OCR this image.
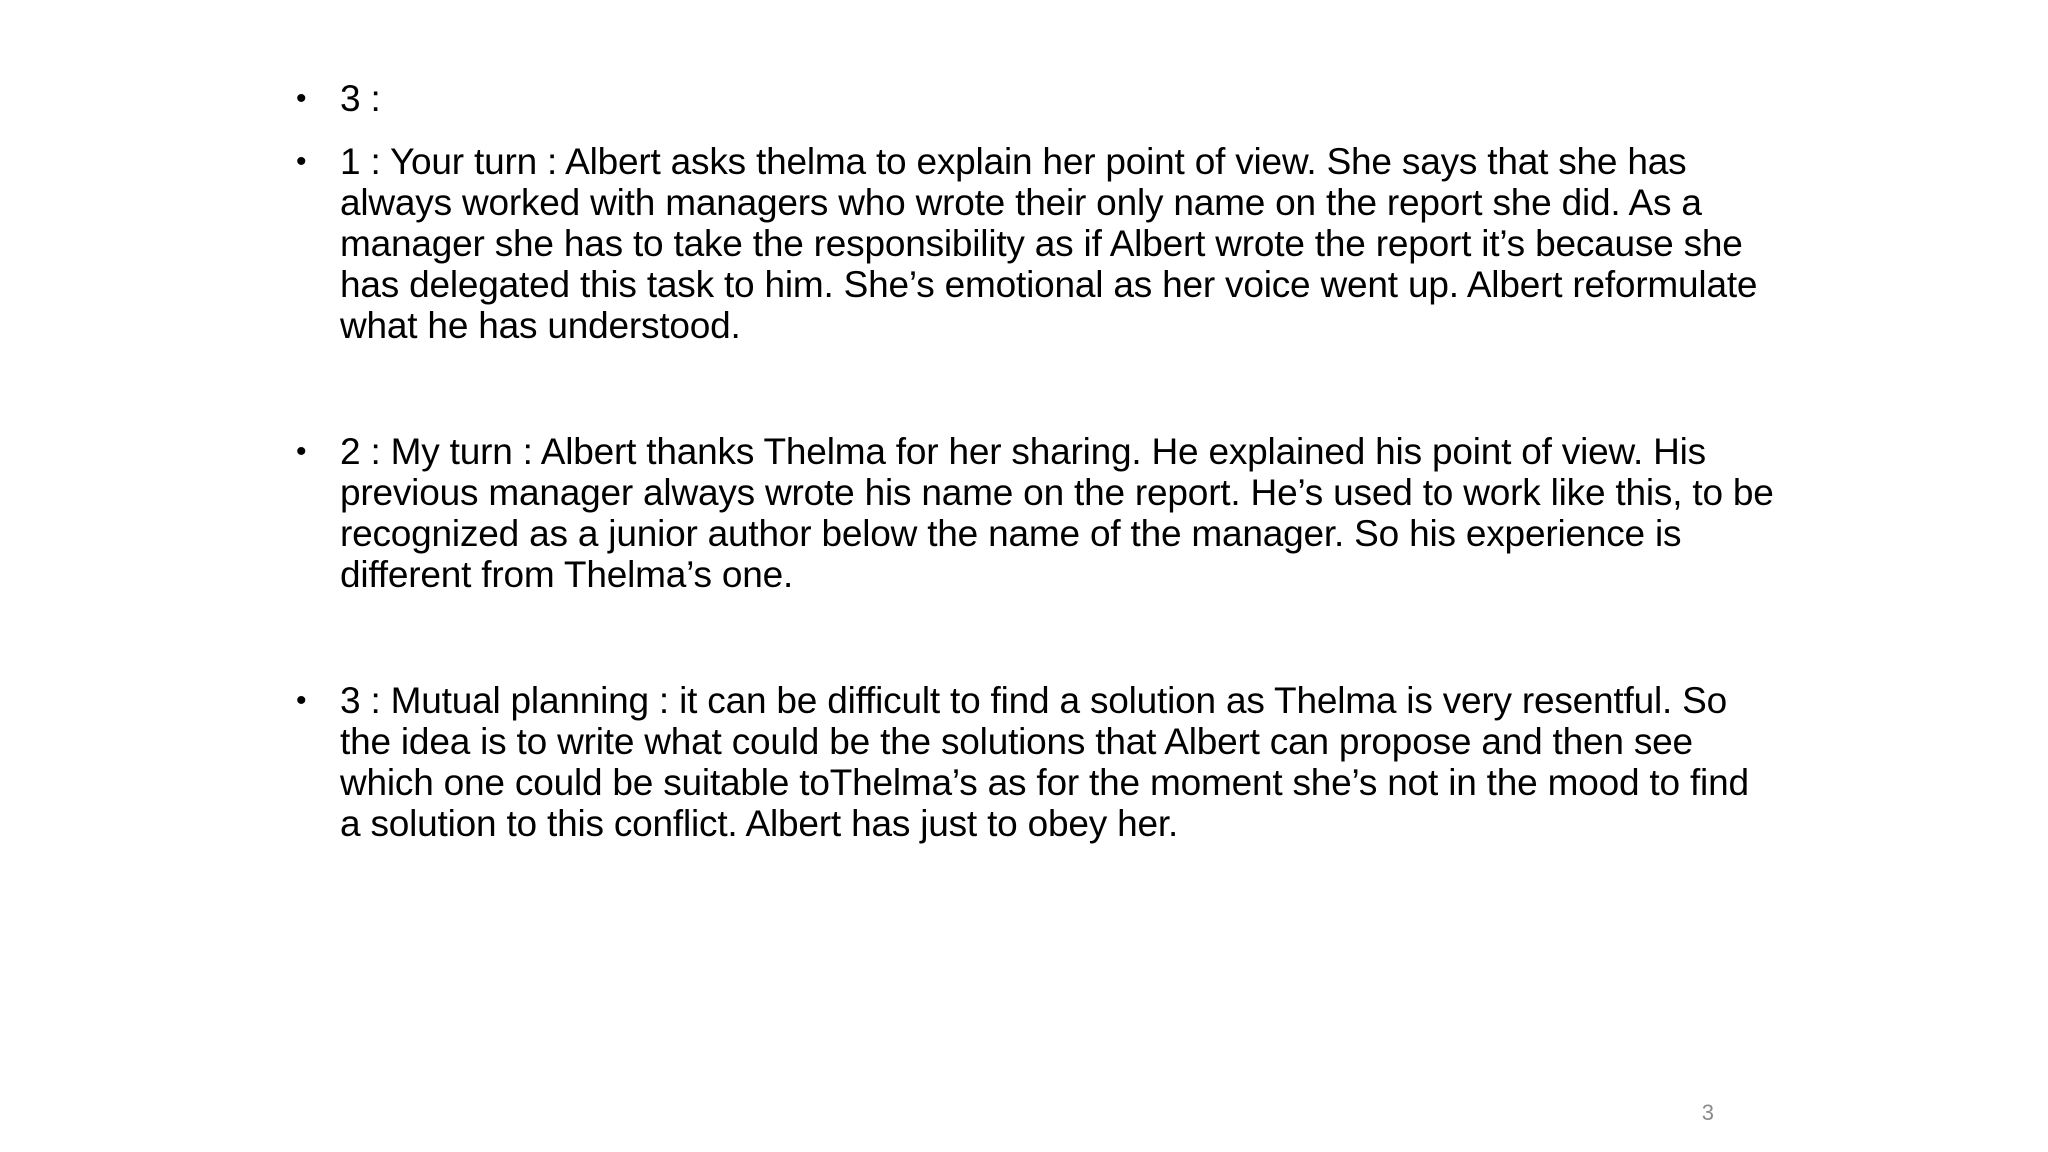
• 3 :
• 1 : Your turn : Albert asks thelma to explain her point of view. She says that she has always worked with managers who wrote their only name on the report she did. As a manager she has to take the responsibility as if Albert wrote the report it’s because she has delegated this task to him. She’s emotional as her voice went up. Albert reformulate what he has understood.
• 2 : My turn : Albert thanks Thelma for her sharing. He explained his point of view. His previous manager always wrote his name on the report. He’s used to work like this, to be recognized as a junior author below the name of the manager. So his experience is different from Thelma’s one.
• 3 : Mutual planning : it can be difficult to find a solution as Thelma is very resentful. So the idea is to write what could be the solutions that Albert can propose and then see which one could be suitable toThelma’s as for the moment she’s not in the mood to find a solution to this conflict. Albert has just to obey her.
3
